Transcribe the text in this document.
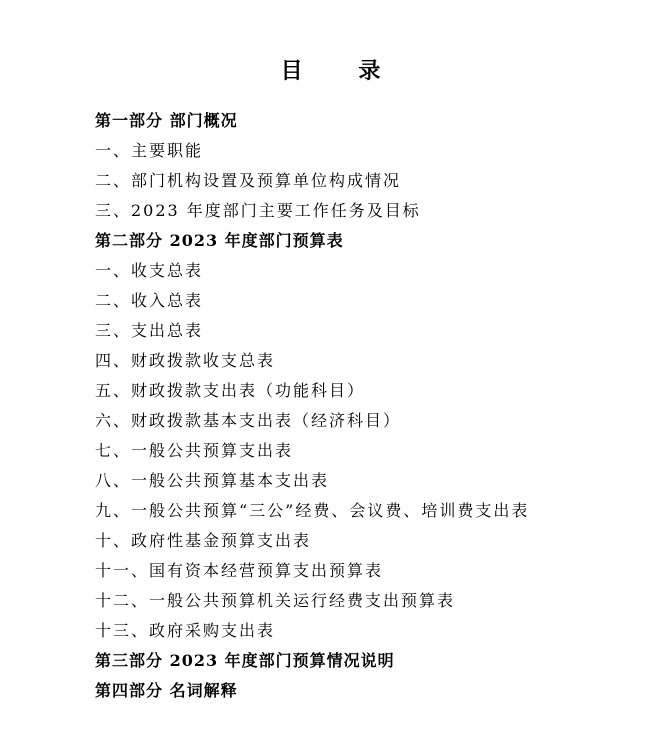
目 录
第一部分 部门概况
一、主要职能
二、部门机构设置及预算单位构成情况
三、2023 年度部门主要工作任务及目标
第二部分 2023 年度部门预算表
一、收支总表
二、收入总表
三、支出总表
四、财政拨款收支总表
五、财政拨款支出表（功能科目）
六、财政拨款基本支出表（经济科目）
七、一般公共预算支出表
八、一般公共预算基本支出表
九、一般公共预算“三公”经费、会议费、培训费支出表
十、政府性基金预算支出表
十一、国有资本经营预算支出预算表
十二、一般公共预算机关运行经费支出预算表
十三、政府采购支出表
第三部分 2023 年度部门预算情况说明
第四部分 名词解释
